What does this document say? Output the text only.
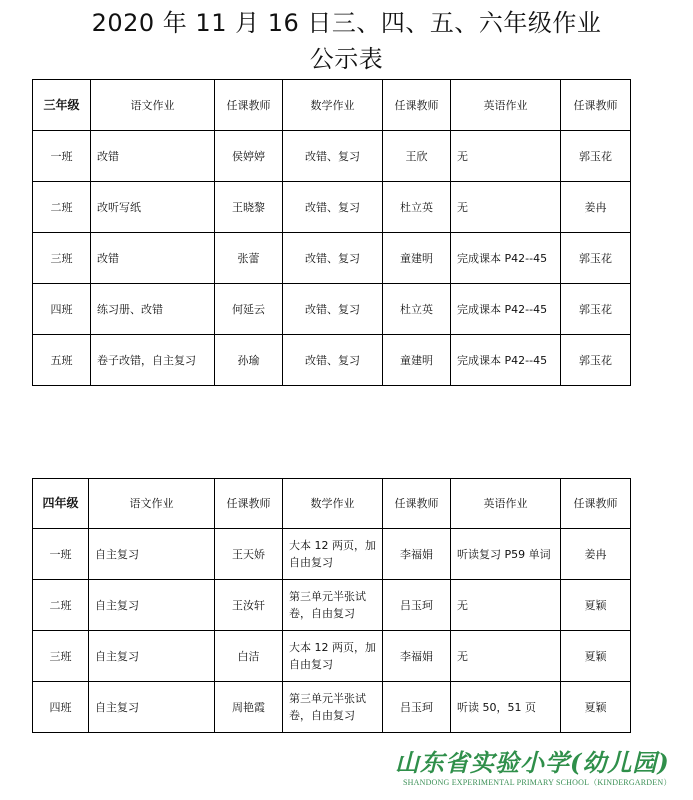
2020 年 11 月 16 日三、四、五、六年级作业
公示表
三年级	语文作业	任课教师	数学作业	任课教师	英语作业	任课教师
一班	改错	侯婷婷	改错、复习	王欣	无	郭玉花
二班	改听写纸	王晓黎	改错、复习	杜立英	无	姜冉
三班	改错	张蕾	改错、复习	童建明	完成课本 P42--45	郭玉花
四班	练习册、改错	何延云	改错、复习	杜立英	完成课本 P42--45	郭玉花
五班	卷子改错，自主复习	孙瑜	改错、复习	童建明	完成课本 P42--45	郭玉花
四年级	语文作业	任课教师	数学作业	任课教师	英语作业	任课教师
一班	自主复习	王天娇	大本 12 两页，加自由复习	李福娟	听读复习 P59 单词	姜冉
二班	自主复习	王汝轩	第三单元半张试卷，自由复习	吕玉珂	无	夏颖
三班	自主复习	白洁	大本 12 两页，加自由复习	李福娟	无	夏颖
四班	自主复习	周艳霞	第三单元半张试卷，自由复习	吕玉珂	听读 50，51 页	夏颖
山东省实验小学(幼儿园)
SHANDONG EXPERIMENTAL PRIMARY SCHOOL（KINDERGARDEN）
